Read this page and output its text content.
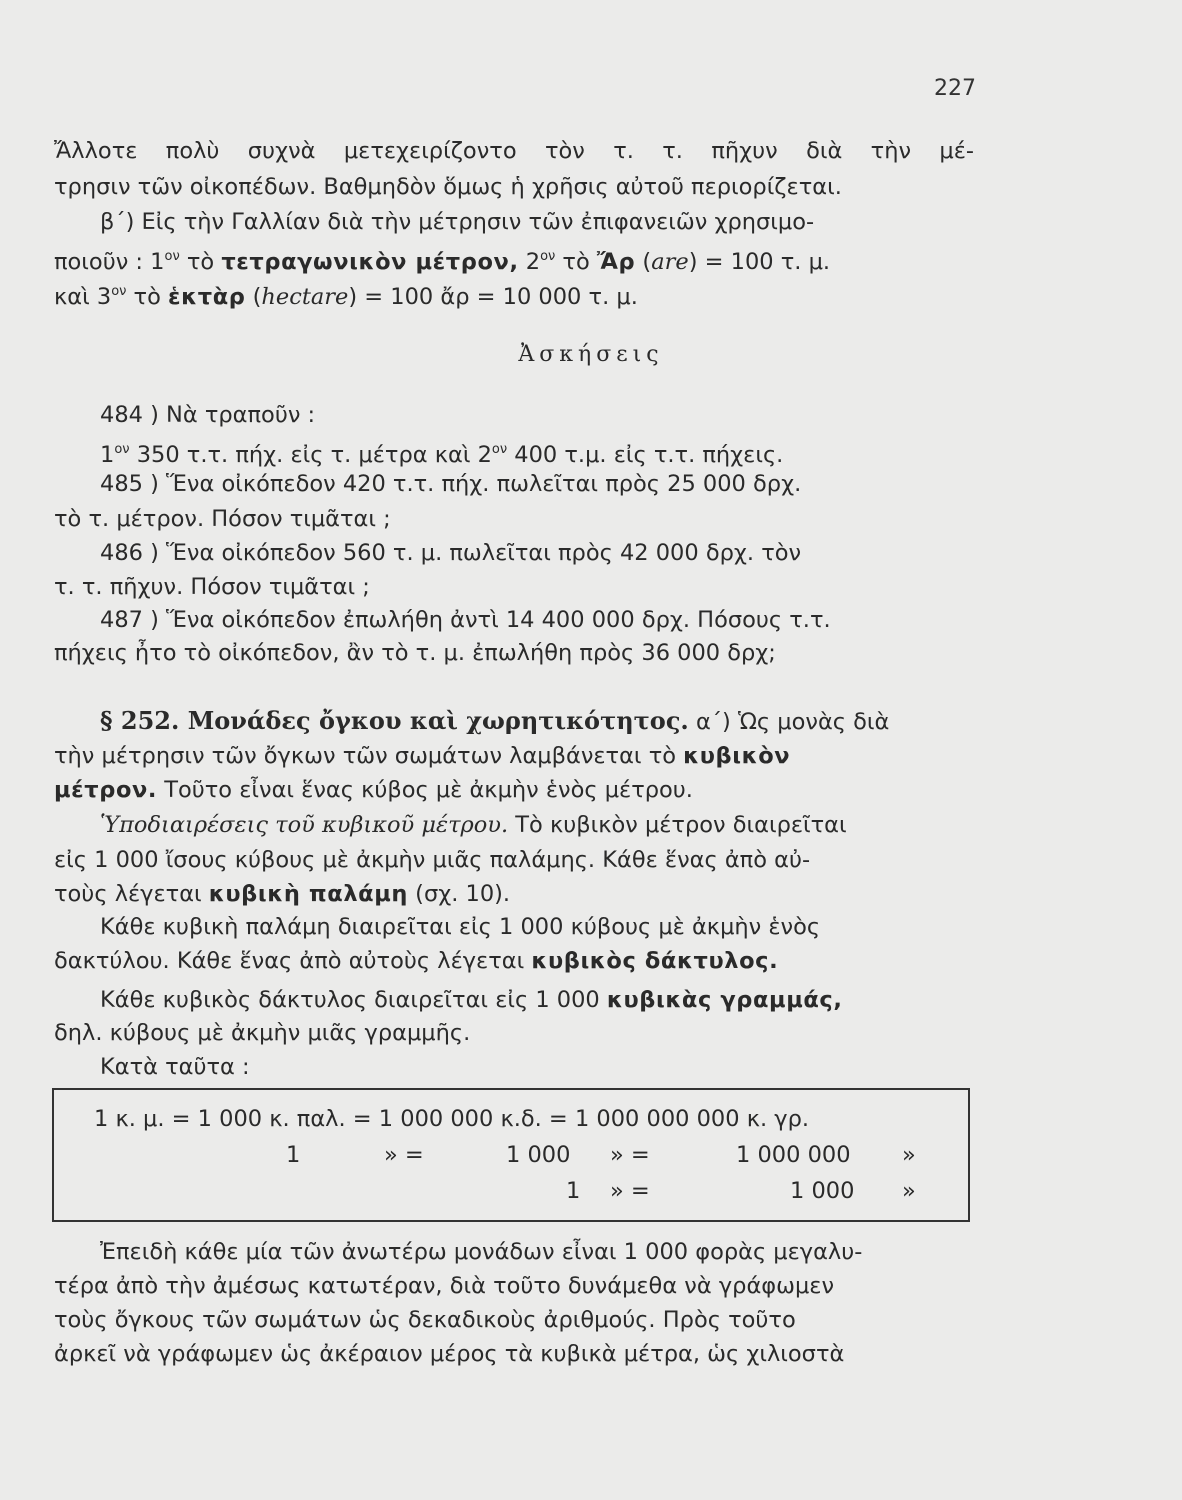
227
Ἄλλοτε πολὺ συχνὰ μετεχειρίζοντο τὸν τ. τ. πῆχυν διὰ τὴν μέ-
τρησιν τῶν οἰκοπέδων. Βαθμηδὸν ὅμως ἡ χρῆσις αὐτοῦ περιορίζεται.
β΄) Εἰς τὴν Γαλλίαν διὰ τὴν μέτρησιν τῶν ἐπιφανειῶν χρησιμο-
ποιοῦν : $1^{o\nu}$ τὸ τετραγωνικὸν μέτρον, $2^{o\nu}$ τὸ Ἄρ (are) = 100 τ. μ.
καὶ $3^{o\nu}$ τὸ ἑκτὰρ (hectare) = 100 ἄρ = 10 000 τ. μ.
Ἀσκήσεις
484 ) Νὰ τραποῦν :
$1^{o\nu}$ 350 τ.τ. πήχ. εἰς τ. μέτρα καὶ $2^{o\nu}$ 400 τ.μ. εἰς τ.τ. πήχεις.
485 ) Ἕνα οἰκόπεδον 420 τ.τ. πήχ. πωλεῖται πρὸς 25 000 δρχ.
τὸ τ. μέτρον. Πόσον τιμᾶται ;
486 ) Ἕνα οἰκόπεδον 560 τ. μ. πωλεῖται πρὸς 42 000 δρχ. τὸν
τ. τ. πῆχυν. Πόσον τιμᾶται ;
487 ) Ἕνα οἰκόπεδον ἐπωλήθη ἀντὶ 14 400 000 δρχ. Πόσους τ.τ.
πήχεις ἦτο τὸ οἰκόπεδον, ἂν τὸ τ. μ. ἐπωλήθη πρὸς 36 000 δρχ;
§ 252. Μονάδες ὄγκου καὶ χωρητικότητος. α΄) Ὡς μονὰς διὰ
τὴν μέτρησιν τῶν ὄγκων τῶν σωμάτων λαμβάνεται τὸ κυβικὸν
μέτρον. Τοῦτο εἶναι ἕνας κύβος μὲ ἀκμὴν ἑνὸς μέτρου.
Ὑποδιαιρέσεις τοῦ κυβικοῦ μέτρου. Τὸ κυβικὸν μέτρον διαιρεῖται
εἰς 1 000 ἴσους κύβους μὲ ἀκμὴν μιᾶς παλάμης. Κάθε ἕνας ἀπὸ αὐ-
τοὺς λέγεται κυβικὴ παλάμη (σχ. 10).
Κάθε κυβικὴ παλάμη διαιρεῖται εἰς 1 000 κύβους μὲ ἀκμὴν ἑνὸς
δακτύλου. Κάθε ἕνας ἀπὸ αὐτοὺς λέγεται κυβικὸς δάκτυλος.
Κάθε κυβικὸς δάκτυλος διαιρεῖται εἰς 1 000 κυβικὰς γραμμάς,
δηλ. κύβους μὲ ἀκμὴν μιᾶς γραμμῆς.
Κατὰ ταῦτα :
1 κ. μ. = 1 000 κ. παλ. = 1 000 000 κ.δ. = 1 000 000 000 κ. γρ.
1	» =	1 000 » =	1 000 000 »
1 » =	1 000 »
Ἐπειδὴ κάθε μία τῶν ἀνωτέρω μονάδων εἶναι 1 000 φορὰς μεγαλυ-
τέρα ἀπὸ τὴν ἀμέσως κατωτέραν, διὰ τοῦτο δυνάμεθα νὰ γράφωμεν
τοὺς ὄγκους τῶν σωμάτων ὡς δεκαδικοὺς ἀριθμούς. Πρὸς τοῦτο
ἀρκεῖ νὰ γράφωμεν ὡς ἀκέραιον μέρος τὰ κυβικὰ μέτρα, ὡς χιλιοστὰ
